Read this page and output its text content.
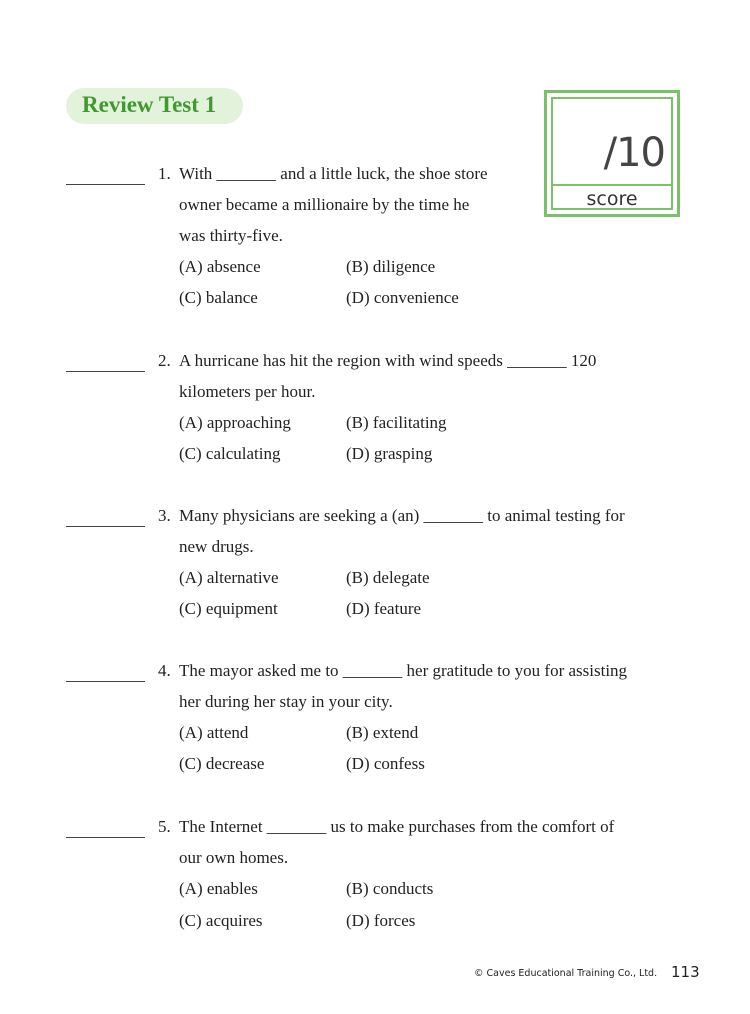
Review Test 1
/10
score
1. With _______ and a little luck, the shoe store
owner became a millionaire by the time he
was thirty-five.
(A) absence	(B) diligence
(C) balance	(D) convenience
2. A hurricane has hit the region with wind speeds _______ 120
kilometers per hour.
(A) approaching	(B) facilitating
(C) calculating	(D) grasping
3. Many physicians are seeking a (an) _______ to animal testing for
new drugs.
(A) alternative	(B) delegate
(C) equipment	(D) feature
4. The mayor asked me to _______ her gratitude to you for assisting
her during her stay in your city.
(A) attend	(B) extend
(C) decrease	(D) confess
5. The Internet _______ us to make purchases from the comfort of
our own homes.
(A) enables	(B) conducts
(C) acquires	(D) forces
© Caves Educational Training Co., Ltd. 113
